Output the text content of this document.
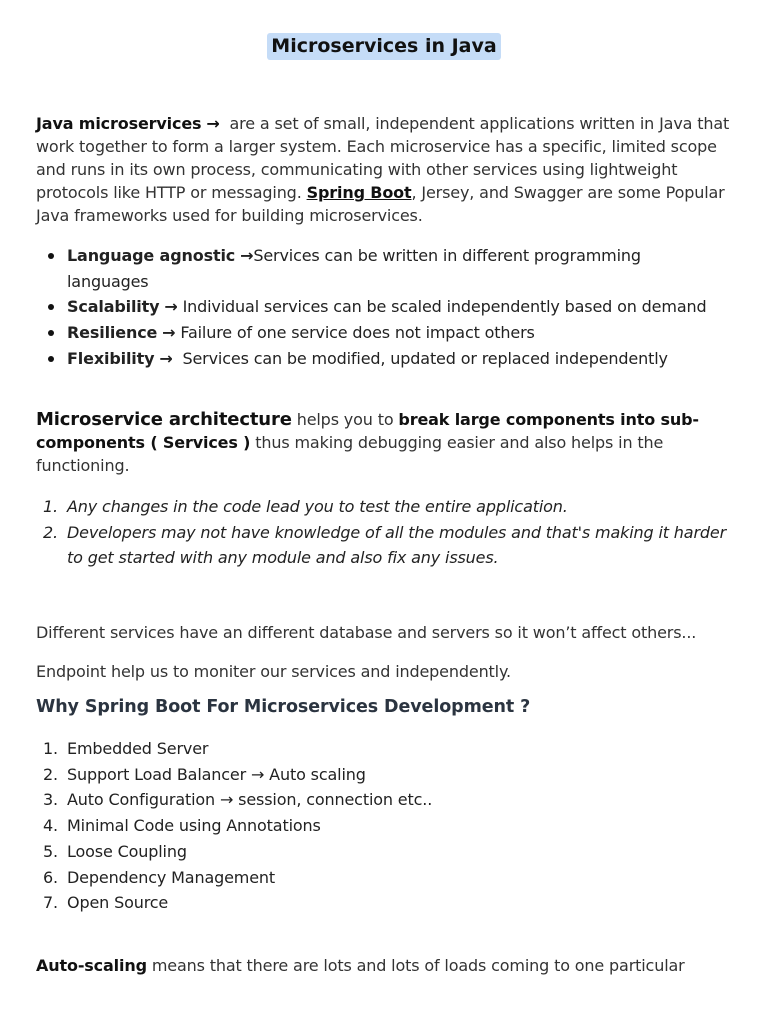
Microservices in Java
Java microservices → are a set of small, independent applications written in Java that work together to form a larger system. Each microservice has a specific, limited scope and runs in its own process, communicating with other services using lightweight protocols like HTTP or messaging. Spring Boot, Jersey, and Swagger are some Popular Java frameworks used for building microservices.
Language agnostic →Services can be written in different programming
languages
Scalability → Individual services can be scaled independently based on demand
Resilience → Failure of one service does not impact others
Flexibility → Services can be modified, updated or replaced independently
Microservice architecture helps you to break large components into sub-components ( Services ) thus making debugging easier and also helps in the functioning.
1. Any changes in the code lead you to test the entire application.
2. Developers may not have knowledge of all the modules and that's making it harder to get started with any module and also fix any issues.
Different services have an different database and servers so it won’t affect others...
Endpoint help us to moniter our services and independently.
Why Spring Boot For Microservices Development ?
1. Embedded Server
2. Support Load Balancer → Auto scaling
3. Auto Configuration → session, connection etc..
4. Minimal Code using Annotations
5. Loose Coupling
6. Dependency Management
7. Open Source
Auto-scaling means that there are lots and lots of loads coming to one particular
